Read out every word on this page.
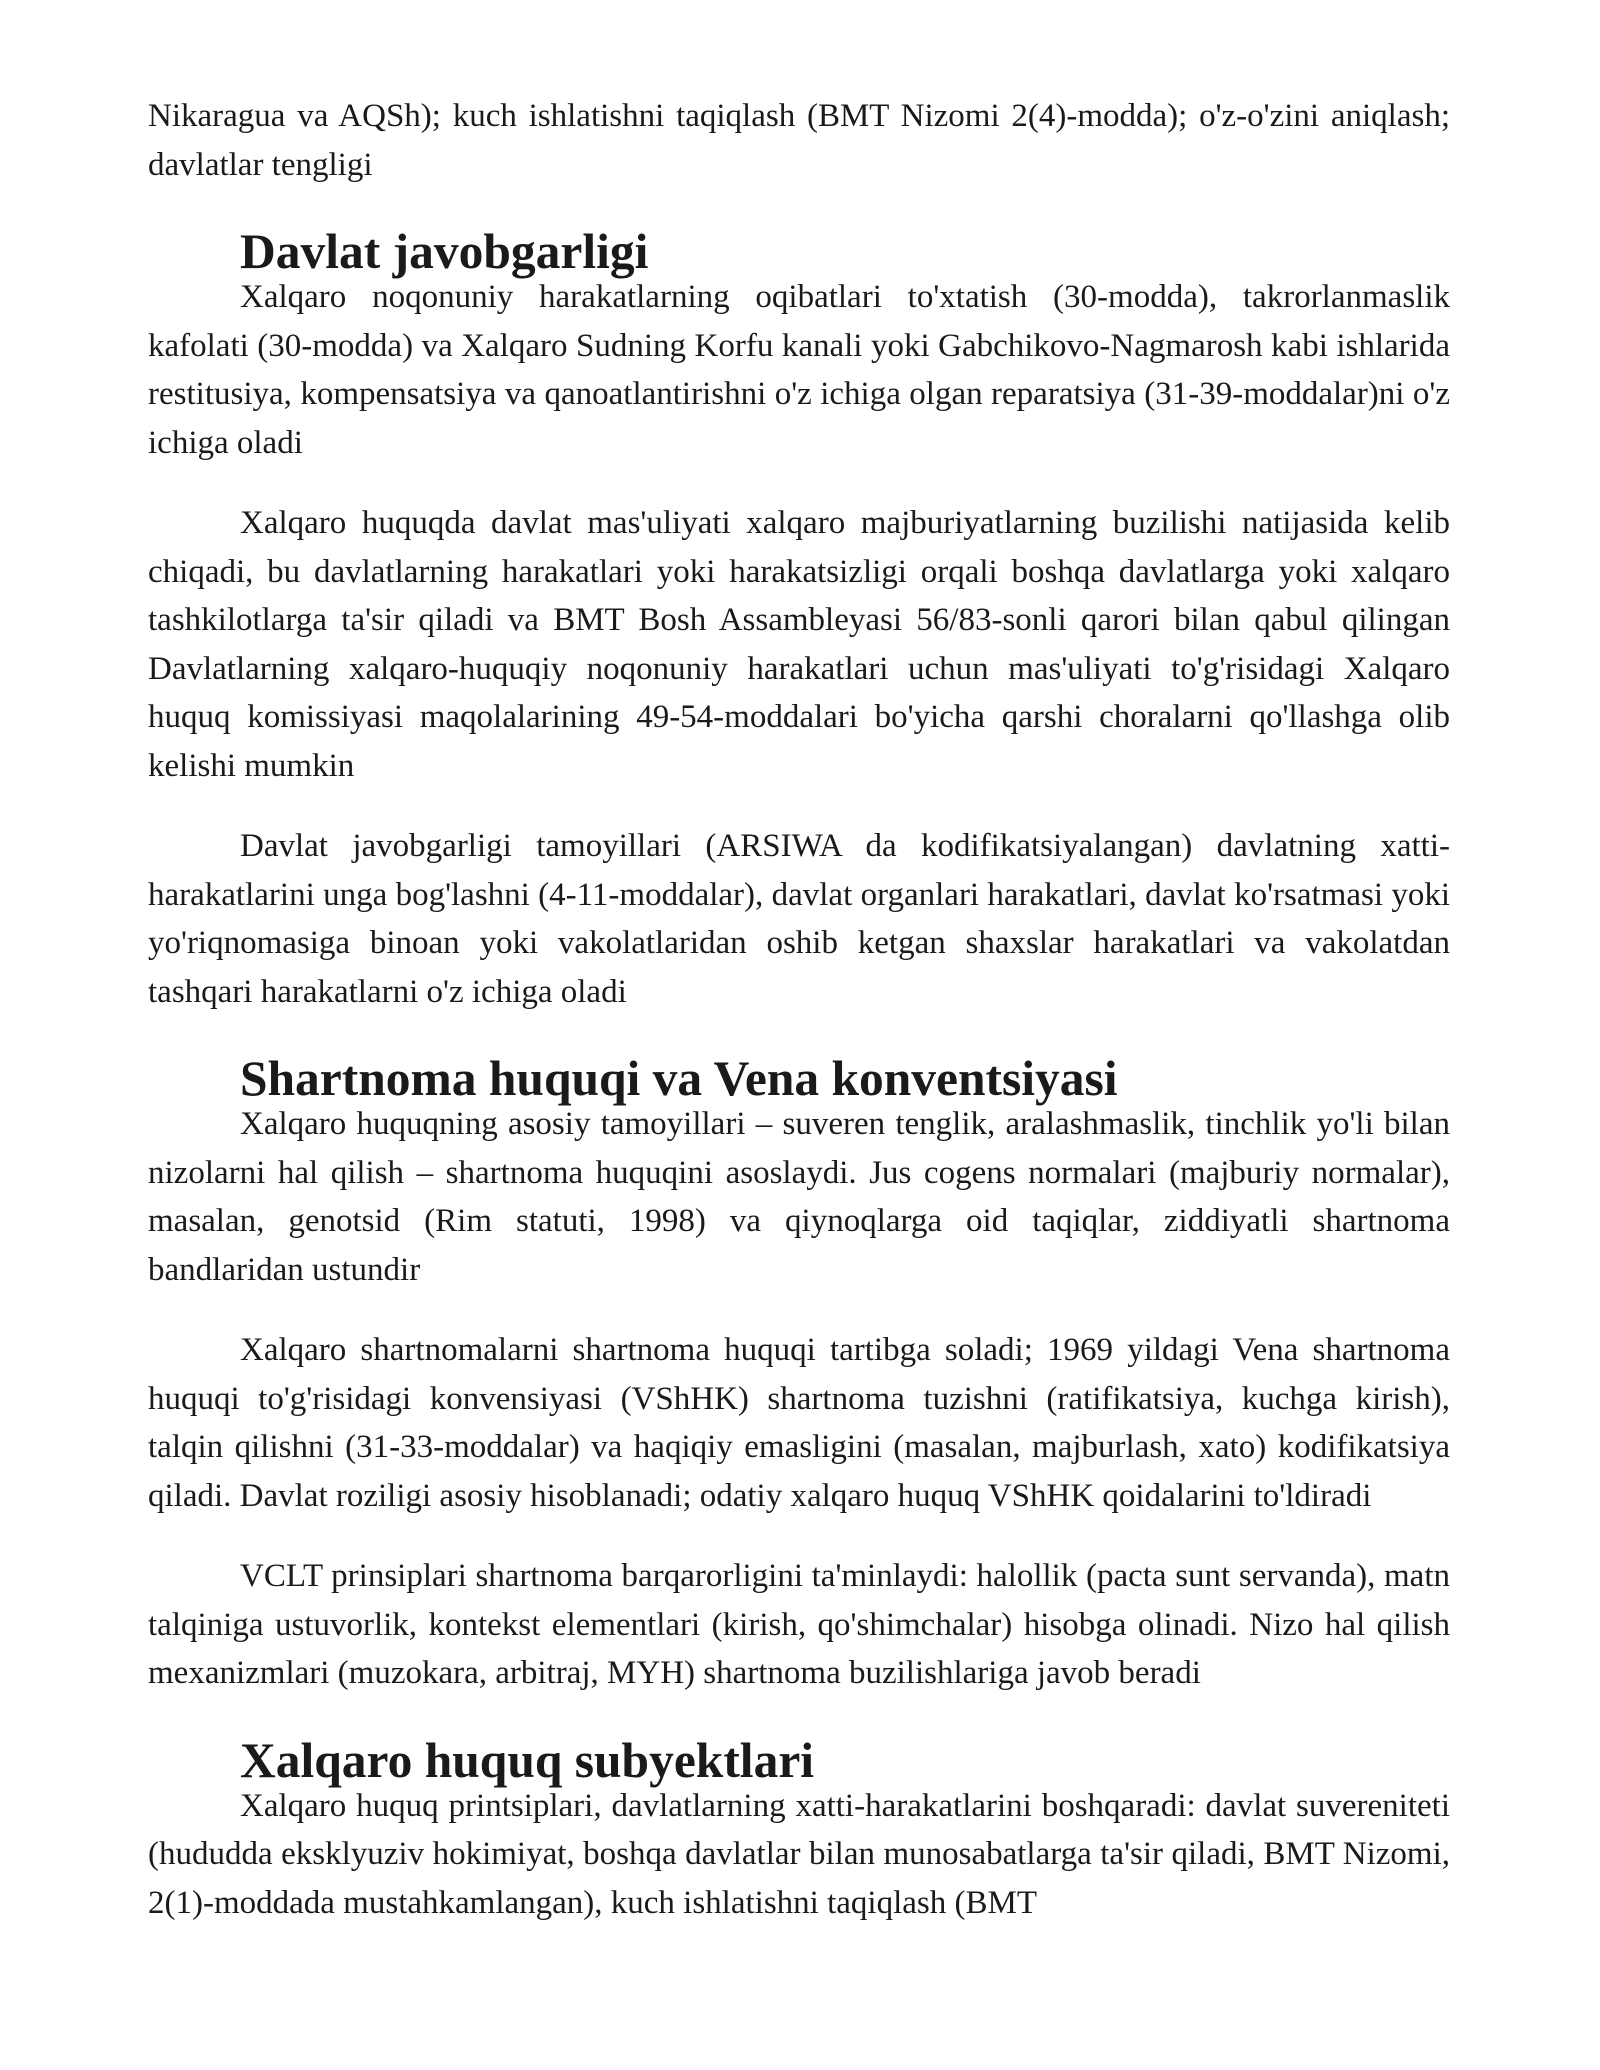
Nikaragua va AQSh); kuch ishlatishni taqiqlash (BMT Nizomi 2(4)-modda); o'z-o'zini aniqlash; davlatlar tengligi

Davlat javobgarligi

Xalqaro noqonuniy harakatlarning oqibatlari to'xtatish (30-modda), takrorlanmaslik kafolati (30-modda) va Xalqaro Sudning Korfu kanali yoki Gabchikovo-Nagmarosh kabi ishlarida restitusiya, kompensatsiya va qanoatlantirishni o'z ichiga olgan reparatsiya (31-39-moddalar)ni o'z ichiga oladi

Xalqaro huquqda davlat mas'uliyati xalqaro majburiyatlarning buzilishi natijasida kelib chiqadi, bu davlatlarning harakatlari yoki harakatsizligi orqali boshqa davlatlarga yoki xalqaro tashkilotlarga ta'sir qiladi va BMT Bosh Assambleyasi 56/83-sonli qarori bilan qabul qilingan Davlatlarning xalqaro-huquqiy noqonuniy harakatlari uchun mas'uliyati to'g'risidagi Xalqaro huquq komissiyasi maqolalarining 49-54-moddalari bo'yicha qarshi choralarni qo'llashga olib kelishi mumkin

Davlat javobgarligi tamoyillari (ARSIWA da kodifikatsiyalangan) davlatning xatti-harakatlarini unga bog'lashni (4-11-moddalar), davlat organlari harakatlari, davlat ko'rsatmasi yoki yo'riqnomasiga binoan yoki vakolatlaridan oshib ketgan shaxslar harakatlari va vakolatdan tashqari harakatlarni o'z ichiga oladi

Shartnoma huquqi va Vena konventsiyasi

Xalqaro huquqning asosiy tamoyillari – suveren tenglik, aralashmaslik, tinchlik yo'li bilan nizolarni hal qilish – shartnoma huquqini asoslaydi. Jus cogens normalari (majburiy normalar), masalan, genotsid (Rim statuti, 1998) va qiynoqlarga oid taqiqlar, ziddiyatli shartnoma bandlaridan ustundir

Xalqaro shartnomalarni shartnoma huquqi tartibga soladi; 1969 yildagi Vena shartnoma huquqi to'g'risidagi konvensiyasi (VShHK) shartnoma tuzishni (ratifikatsiya, kuchga kirish), talqin qilishni (31-33-moddalar) va haqiqiy emasligini (masalan, majburlash, xato) kodifikatsiya qiladi. Davlat roziligi asosiy hisoblanadi; odatiy xalqaro huquq VShHK qoidalarini to'ldiradi

VCLT prinsiplari shartnoma barqarorligini ta'minlaydi: halollik (pacta sunt servanda), matn talqiniga ustuvorlik, kontekst elementlari (kirish, qo'shimchalar) hisobga olinadi. Nizo hal qilish mexanizmlari (muzokara, arbitraj, MYH) shartnoma buzilishlariga javob beradi

Xalqaro huquq subyektlari

Xalqaro huquq printsiplari, davlatlarning xatti-harakatlarini boshqaradi: davlat suvereniteti (hududda eksklyuziv hokimiyat, boshqa davlatlar bilan munosabatlarga ta'sir qiladi, BMT Nizomi, 2(1)-moddada mustahkamlangan), kuch ishlatishni taqiqlash (BMT
